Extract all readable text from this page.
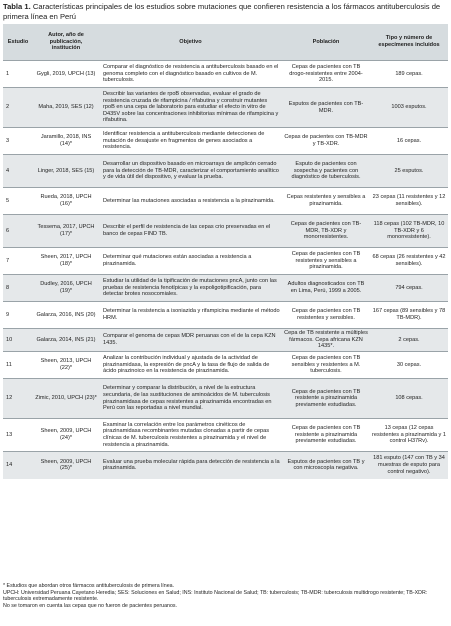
Tabla 1. Características principales de los estudios sobre mutaciones que confieren resistencia a los fármacos antituberculosis de primera línea en Perú
Estudio	Autor, año de publicación, institución	Objetivo	Población	Tipo y número de especímenes incluidos
1	Gygli, 2019, UPCH (13)	Comparar el diagnóstico de resistencia a antituberculosis basado en el genoma completo con el diagnóstico basado en cultivos de M. tuberculosis.	Cepas de pacientes con TB drogo-resistentes entre 2004-2015.	189 cepas.
2	Maha, 2019, SES (12)	Describir las variantes de rpoB observadas, evaluar el grado de resistencia cruzada de rifampicina / rifabutina y construir mutantes rpoB en una cepa de laboratorio para estudiar el efecto in vitro de D435V sobre las concentraciones inhibitorias mínimas de rifampicina y rifabutina.	Esputos de pacientes con TB-MDR.	1003 esputos.
3	Jaramillo, 2018, INS (14)*	Identificar resistencia a antituberculosis mediante detecciones de mutación de desajuste en fragmentos de genes asociados a resistencia.	Cepas de pacientes con TB-MDR y TB-XDR.	16 cepas.
4	Linger, 2018, SES (15)	Desarrollar un dispositivo basado en microarrays de amplicón cerrado para la detección de TB-MDR, caracterizar el comportamiento analítico y de vida útil del dispositivo, y evaluar la prueba.	Esputo de pacientes con sospecha y pacientes con diagnóstico de tuberculosis.	25 esputos.
5	Rueda, 2018, UPCH (16)*	Determinar las mutaciones asociadas a resistencia a la pirazinamida.	Cepas resistentes y sensibles a pirazinamida.	23 cepas (11 resistentes y 12 sensibles).
6	Tessema, 2017, UPCH (17)*	Describir el perfil de resistencia de las cepas crio preservadas en el banco de cepas FIND TB.	Cepas de pacientes con TB-MDR, TB-XDR y monorresistentes.	118 cepas (102 TB-MDR, 10 TB-XDR y 6 monorresistente).
7	Sheen, 2017, UPCH (18)*	Determinar qué mutaciones están asociadas a resistencia a pirazinamida.	Cepas de pacientes con TB resistentes y sensibles a pirazinamida.	68 cepas (26 resistentes y 42 sensibles).
8	Dudley, 2016, UPCH (19)*	Estudiar la utilidad de la tipificación de mutaciones pncA, junto con las pruebas de resistencia fenotípicas y la espoligotipificación, para detectar brotes nosocomiales.	Adultos diagnosticados con TB en Lima, Perú, 1999 a 2005.	794 cepas.
9	Galarza, 2016, INS (20)	Determinar la resistencia a isoniazida y rifampicina mediante el método HRM.	Cepas de pacientes con TB resistentes y sensibles.	167 cepas (89 sensibles y 78 TB-MDR).
10	Galarza, 2014, INS (21)	Comparar el genoma de cepas MDR peruanas con el de la cepa KZN 1435.	Cepa de TB resistente a múltiples fármacos. Cepa africana KZN 1435*.	2 cepas.
11	Sheen, 2013, UPCH (22)*	Analizar la contribución individual y ajustada de la actividad de pirazinamidasa, la expresión de pncA y la tasa de flujo de salida de ácido pirazinoico en la resistencia de pirazinamida.	Cepas de pacientes con TB sensibles y resistentes a M. tuberculosis.	30 cepas.
12	Zimic, 2010, UPCH (23)*	Determinar y comparar la distribución, a nivel de la estructura secundaria, de las sustituciones de aminoácidos de M. tuberculosis pirazinamidasa de cepas resistentes a pirazinamida encontradas en Perú con las reportadas a nivel mundial.	Cepas de pacientes con TB resistente a pirazinamida previamente estudiadas.	108 cepas.
13	Sheen, 2009, UPCH (24)*	Examinar la correlación entre los parámetros cinéticos de pirazinamidasa recombinantes mutadas clonadas a partir de cepas clínicas de M. tuberculosis resistentes a pirazinamida y el nivel de resistencia a pirazinamida.	Cepas de pacientes con TB resistente a pirazinamida previamente estudiadas.	13 cepas (12 cepas resistentes a pirazinamida y 1 control H37Rv).
14	Sheen, 2009, UPCH (25)*	Evaluar una prueba molecular rápida para detección de resistencia a la pirazinamida.	Esputos de pacientes con TB y con microscopía negativa.	181 esputo (147 con TB y 34 muestras de esputo para control negativo).
* Estudios que abordan otros fármacos antituberculosis de primera línea.
UPCH: Universidad Peruana Cayetano Heredia; SES: Soluciones en Salud; INS: Instituto Nacional de Salud; TB: tuberculosis; TB-MDR: tuberculosis multidrogo resistente; TB-XDR: tuberculosis extremadamente resistente.
No se tomaron en cuenta las cepas que no fueron de pacientes peruanos.
